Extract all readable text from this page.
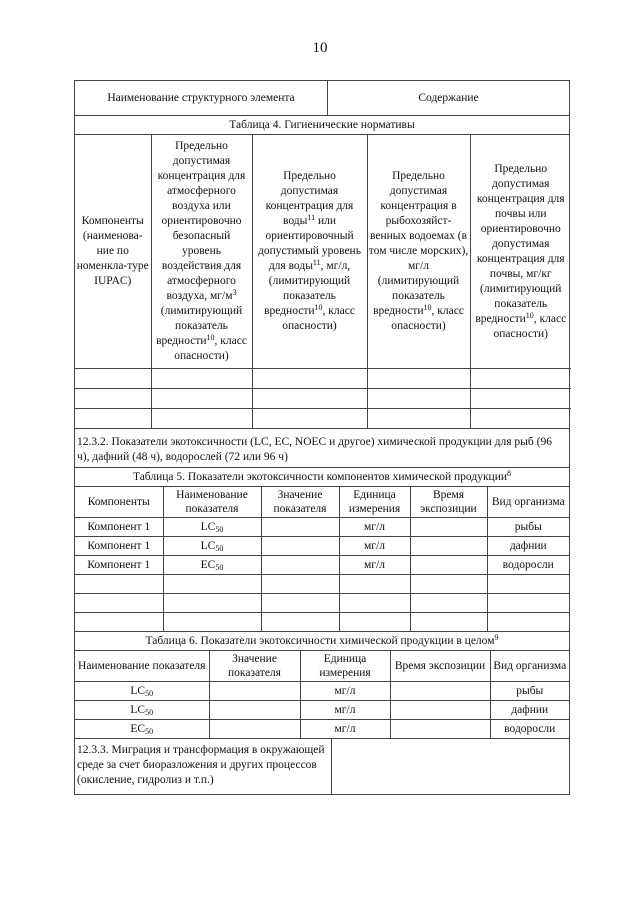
10
Наименование структурного элемента	Содержание
Таблица 4. Гигиенические нормативы
Компоненты (наименова-ние по номенкла-туре IUPAC)	Предельно допустимая концентрация для атмосферного воздуха или ориентировочно безопасный уровень воздействия для атмосферного воздуха, $мг/м^3$ (лимитирующий показатель вредности$^{10}$, класс опасности)	Предельно допустимая концентрация для воды$^{11}$ или ориентировочный допустимый уровень для воды$^{11}$, мг/л, (лимитирующий показатель вредности$^{10}$, класс опасности)	Предельно допустимая концентрация в рыбохозяйст-венных водоемах (в том числе морских), мг/л (лимитирующий показатель вредности$^{10}$, класс опасности)	Предельно допустимая концентрация для почвы или ориентировочно допустимая концентрация для почвы, мг/кг (лимитирующий показатель вредности$^{10}$, класс опасности)

12.3.2. Показатели экотоксичности (LC, EC, NOEC и другое) химической продукции для рыб (96 ч), дафний (48 ч), водорослей (72 или 96 ч)
Таблица 5. Показатели экотоксичности компонентов химической продукции$^8$
Компоненты	Наименование показателя	Значение показателя	Единица измерения	Время экспозиции	Вид организма
Компонент 1	$LC_{50}$		мг/л		рыбы
Компонент 1	$LC_{50}$		мг/л		дафнии
Компонент 1	$EC_{50}$		мг/л		водоросли

Таблица 6. Показатели экотоксичности химической продукции в целом$^9$
Наименование показателя	Значение показателя	Единица измерения	Время экспозиции	Вид организма
$LC_{50}$		мг/л		рыбы
$LC_{50}$		мг/л		дафнии
$EC_{50}$		мг/л		водоросли
12.3.3. Миграция и трансформация в окружающей среде за счет биоразложения и других процессов (окисление, гидролиз и т.п.)
